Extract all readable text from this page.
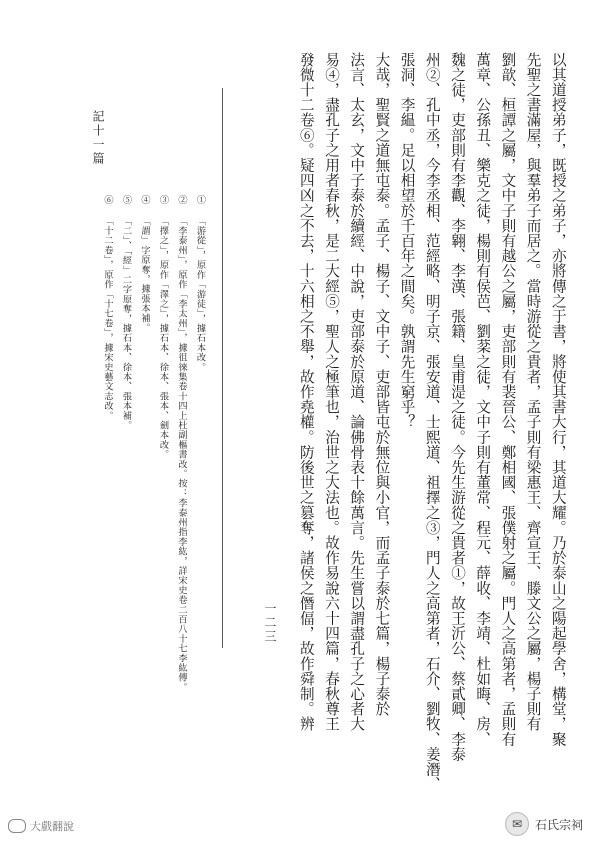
記十一篇	以其道授弟子，既授之弟子，亦將傳之于書，將使其書大行，其道大耀。乃於泰山之陽起學舍，構堂，聚
先聖之書滿屋，與羣弟子而居之。當時游從之貴者，孟子則有梁惠王、齊宣王、滕文公之屬，楊子則有
劉歆、桓譚之屬，文中子則有越公之屬，吏部則有裴晉公、鄭相國、張僕射之屬。門人之高第者，孟則有
萬章、公孫丑、樂克之徒，楊則有侯芭、劉棻之徒，文中子則有董常、程元、薛收、李靖、杜如晦、房、
魏之徒，吏部則有李觀、李翱、李漢、張籍、皇甫湜之徒。今先生游從之貴者①，故王沂公、蔡貳卿、李泰
州②、孔中丞，今李丞相、范經略、明子京、張安道、士熙道、祖擇之③，門人之高第者，石介、劉牧、姜潛、
張洞、李緼。足以相望於千百年之間矣。孰謂先生窮乎？
大哉，聖賢之道無屯泰。孟子、楊子、文中子、吏部皆屯於無位與小官，而孟子泰於七篇，楊子泰於
法言、太玄，文中子泰於續經、中說，吏部泰於原道、論佛骨表十餘萬言。先生嘗以謂盡孔子之心者大
易④，盡孔子之用者春秋，是二大經⑤，聖人之極筆也，治世之大法也。故作易說六十四篇，春秋尊王
發微十二卷⑥。疑四凶之不去，十六相之不舉，故作堯權。防後世之篡奪，諸侯之僭偪，故作舜制。辨
① 「游從」，原作「游徒」，據石本改。
② 「李泰州」，原作「李太州」，據徂徠集卷十四上杜副樞書改。按：李泰州指李紘，詳宋史卷二百八十七李紘傳。
③ 「擇之」，原作「澤之」，據石本、徐本、張本、劍本改。
④ 「謂」字原奪，據張本補。
⑤ 「二」、「經」二字原奪，據石本、徐本、張本補。
⑥ 「十二卷」，原作「十七卷」，據宋史藝文志改。
一二三
大戲翻說	✉	石氏宗祠
